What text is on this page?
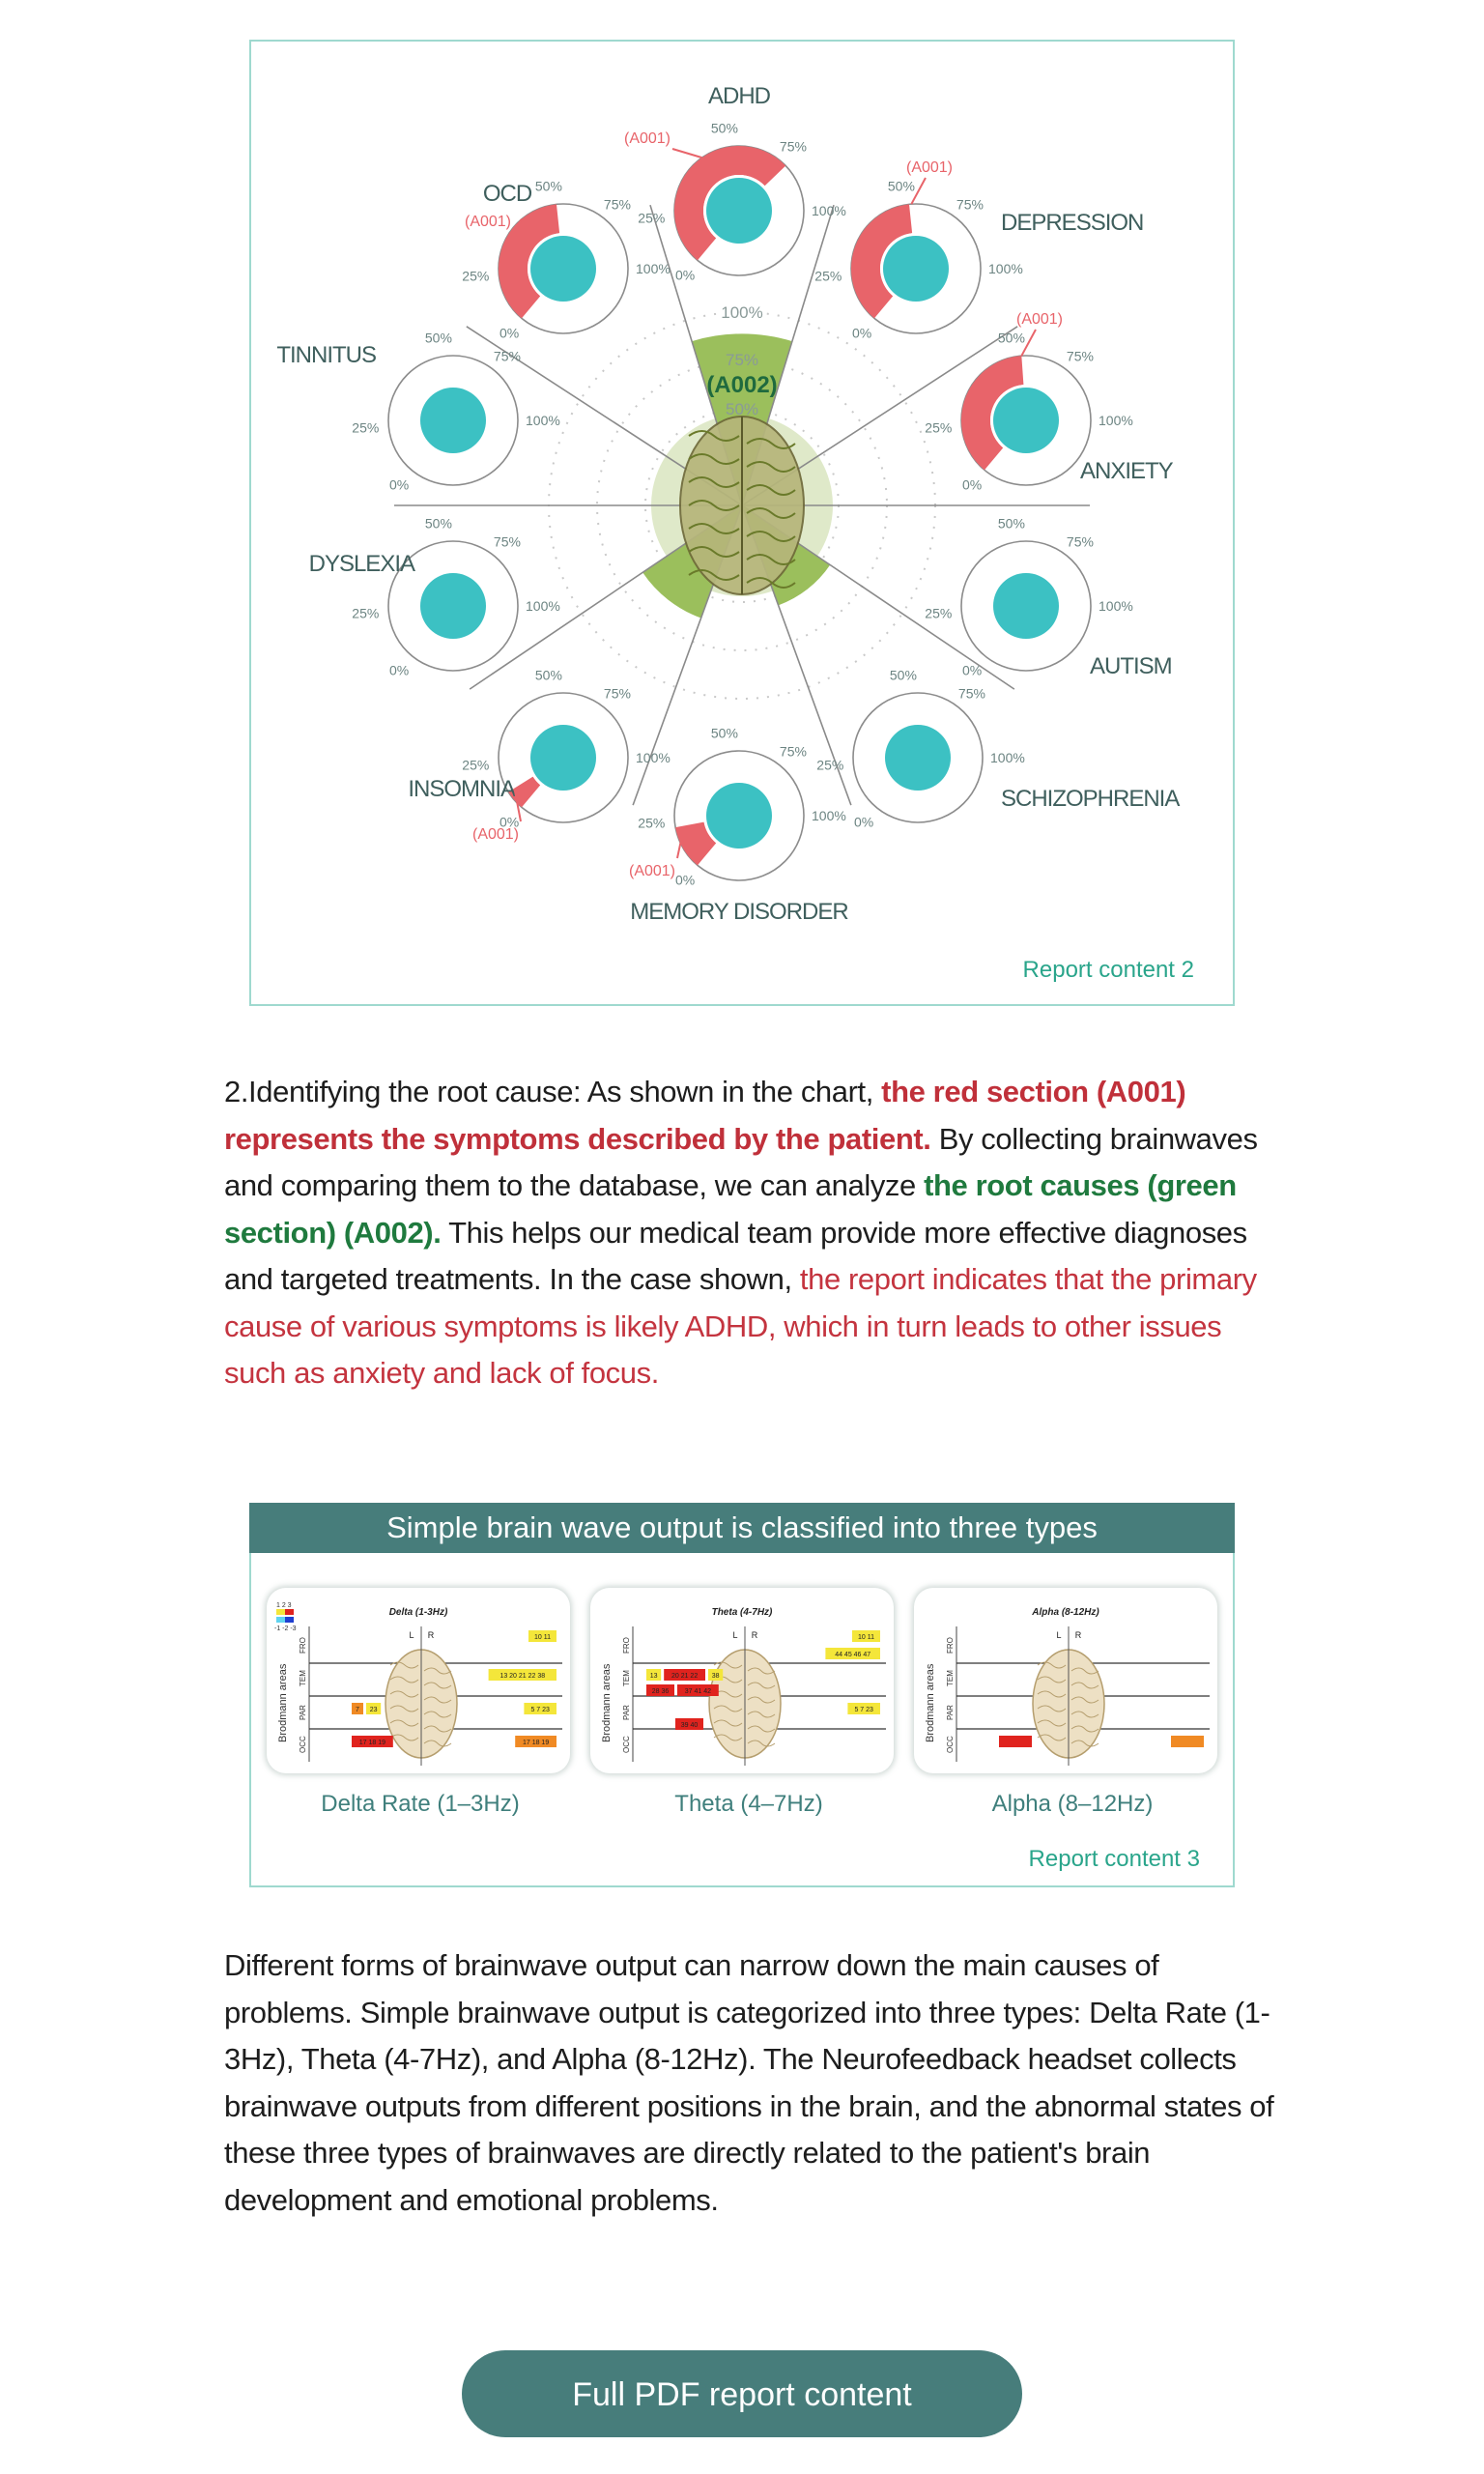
100%
75%
50%
(A002)
0%
25%
50%
75%
100%
ADHD
(A001)
0%
25%
50%
75%
100%
OCD
(A001)
0%
25%
50%
75%
100%
DEPRESSION
(A001)
0%
25%
50%
75%
100%
TINNITUS
0%
25%
50%
75%
100%
ANXIETY
(A001)
0%
25%
50%
75%
100%
DYSLEXIA
0%
25%
50%
75%
100%
AUTISM
0%
25%
50%
75%
100%
INSOMNIA
(A001)
0%
25%
50%
75%
100%
MEMORY DISORDER
(A001)
0%
25%
50%
75%
100%
SCHIZOPHRENIA
Report content 2

2.Identifying the root cause: As shown in the chart, the red section (A001) represents the symptoms described by the patient. By collecting brainwaves and comparing them to the database, we can analyze the root causes (green section) (A002). This helps our medical team provide more effective diagnoses and targeted treatments. In the case shown, the report indicates that the primary cause of various symptoms is likely ADHD, which in turn leads to other issues such as anxiety and lack of focus.

Simple brain wave output is classified into three types
Delta (1-3Hz)
1 2 3
-1 -2 -3
Brodmann areas
FRO
TEM
PAR
OCC
L R	10 11
13 20 21 22 38
7 23	5 7 23
17 18 19	17 18 19
Theta (4-7Hz)
Brodmann areas
FRO
TEM
PAR
OCC
L R	10 11
44 45 46 47
13 20 21 22 38
28 36 37 41 42
5 7 23
39 40
Alpha (8-12Hz)
Brodmann areas
FRO
TEM
PAR
OCC
L R
Delta Rate (1–3Hz)	Theta (4–7Hz)	Alpha (8–12Hz)
Report content 3

Different forms of brainwave output can narrow down the main causes of problems. Simple brainwave output is categorized into three types: Delta Rate (1-3Hz), Theta (4-7Hz), and Alpha (8-12Hz). The Neurofeedback headset collects brainwave outputs from different positions in the brain, and the abnormal states of these three types of brainwaves are directly related to the patient's brain development and emotional problems.

Full PDF report content
